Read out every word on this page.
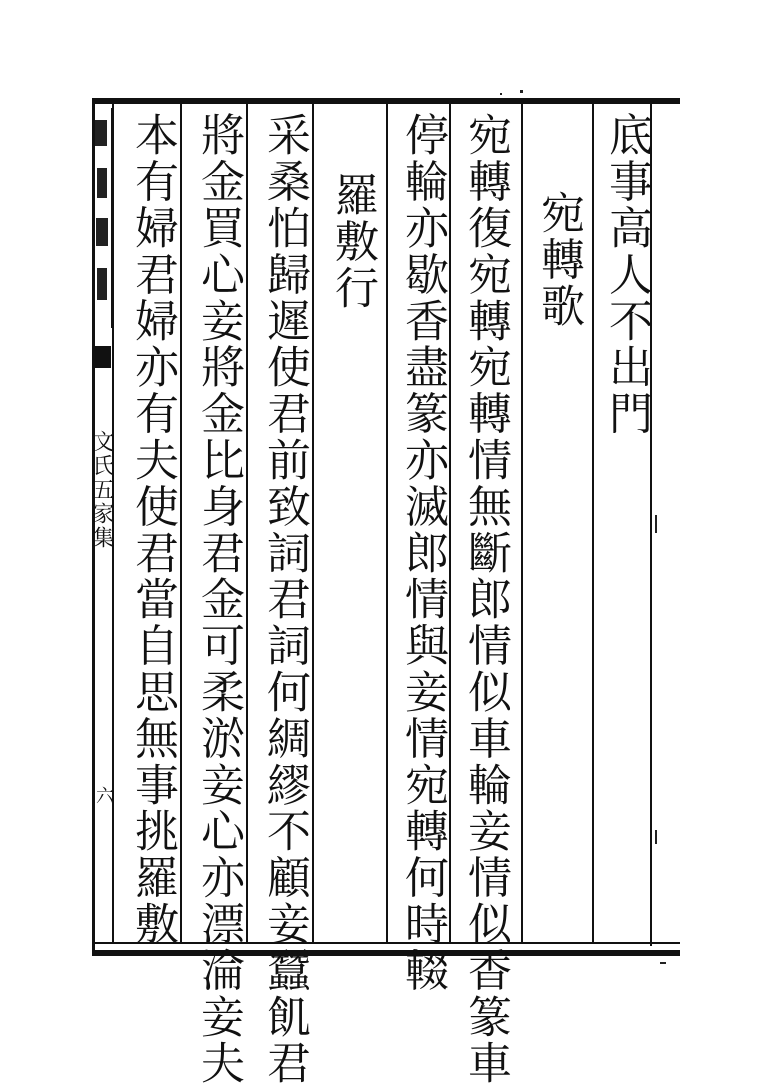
底事高人不出門
宛轉歌
宛轉復宛轉宛轉情無斷郎情似車輪妾情似香篆車
停輪亦歇香盡篆亦滅郎情與妾情宛轉何時輟
羅敷行
采桑怕歸遲使君前致詞君詞何綢繆不顧妾蠶飢君
將金買心妾將金比身君金可柔淤妾心亦漂淪妾夫
本有婦君婦亦有夫使君當自思無事挑羅敷
文氏五家集
六
